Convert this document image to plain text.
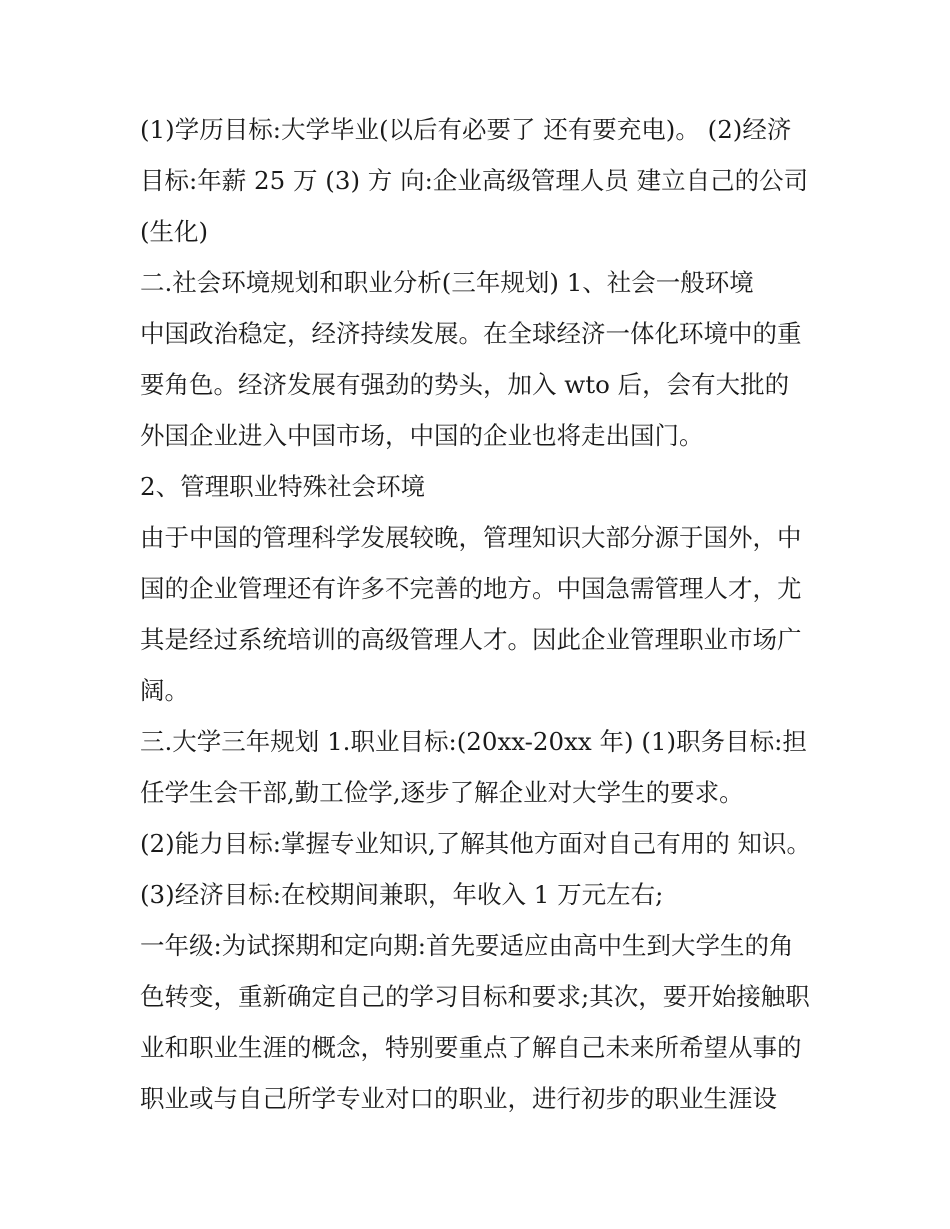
(1)学历目标:大学毕业(以后有必要了 还有要充电)。 (2)经济目标:年薪 25 万 (3) 方 向:企业高级管理人员 建立自己的公司(生化)

二.社会环境规划和职业分析(三年规划) 1、社会一般环境

中国政治稳定，经济持续发展。在全球经济一体化环境中的重要角色。经济发展有强劲的势头，加入 wto 后，会有大批的外国企业进入中国市场，中国的企业也将走出国门。

2、管理职业特殊社会环境

由于中国的管理科学发展较晚，管理知识大部分源于国外，中国的企业管理还有许多不完善的地方。中国急需管理人才，尤其是经过系统培训的高级管理人才。因此企业管理职业市场广阔。

三.大学三年规划 1.职业目标:(20xx-20xx 年) (1)职务目标:担任学生会干部,勤工俭学,逐步了解企业对大学生的要求。

(2)能力目标:掌握专业知识,了解其他方面对自己有用的 知识。

(3)经济目标:在校期间兼职，年收入 1 万元左右;

一年级:为试探期和定向期:首先要适应由高中生到大学生的角色转变，重新确定自己的学习目标和要求;其次，要开始接触职业和职业生涯的概念，特别要重点了解自己未来所希望从事的职业或与自己所学专业对口的职业，进行初步的职业生涯设
